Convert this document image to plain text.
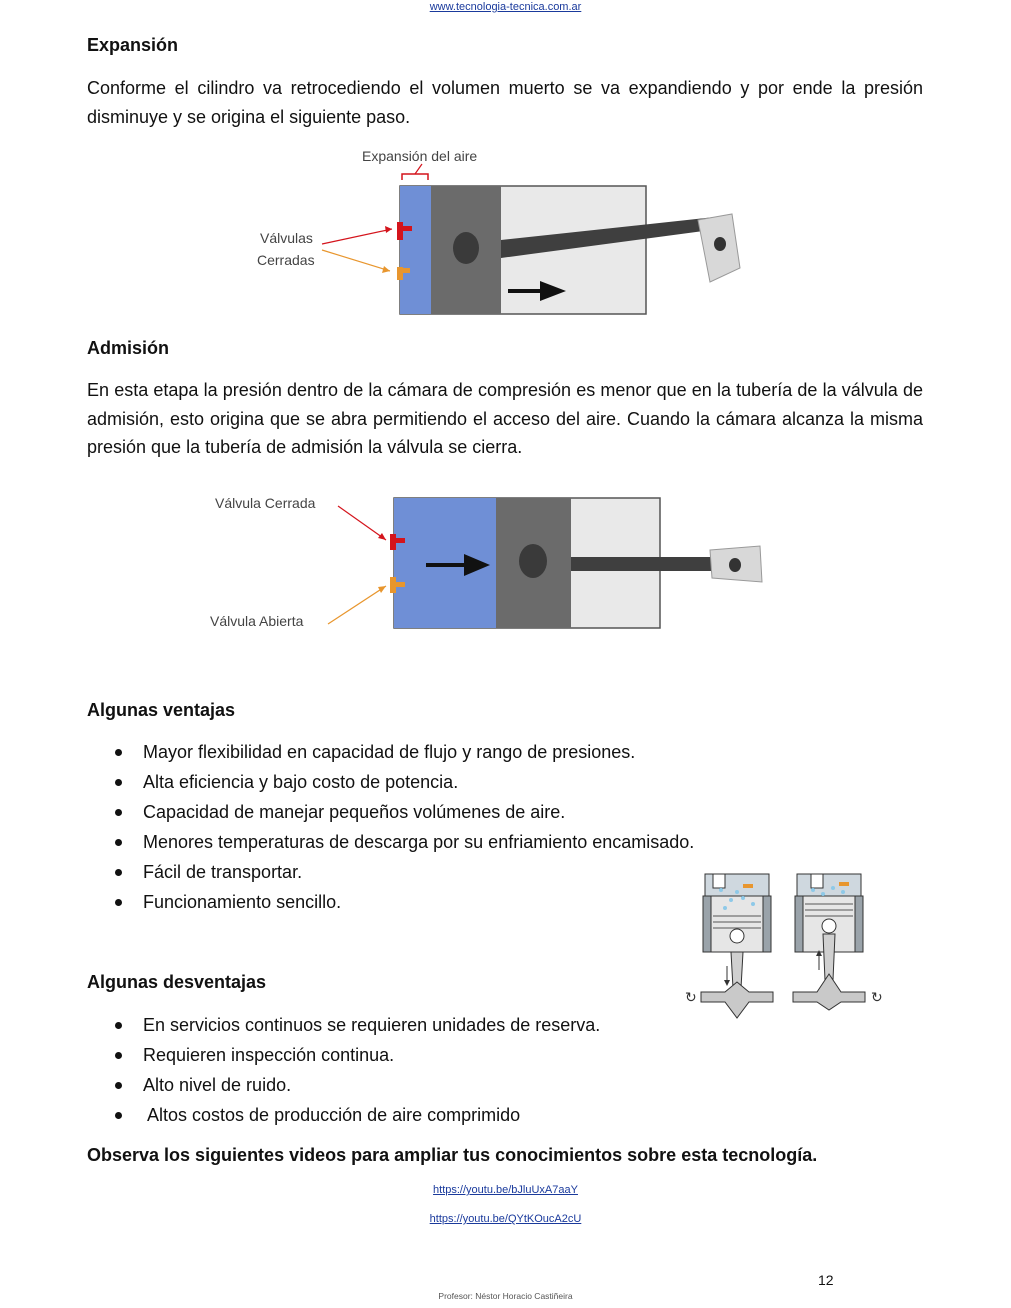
www.tecnologia-tecnica.com.ar
Expansión

Conforme el cilindro va retrocediendo el volumen muerto se va expandiendo y por ende la presión disminuye y se origina el siguiente paso.

Expansión del aire
Válvulas
Cerradas
Admisión

En esta etapa la presión dentro de la cámara de compresión es menor que en la tubería de la válvula de admisión, esto origina que se abra permitiendo el acceso del aire. Cuando la cámara alcanza la misma presión que la tubería de admisión la válvula se cierra.

Válvula Cerrada
Válvula Abierta
Algunas ventajas
Mayor flexibilidad en capacidad de flujo y rango de presiones.
Alta eficiencia y bajo costo de potencia.
Capacidad de manejar pequeños volúmenes de aire.
Menores temperaturas de descarga por su enfriamiento encamisado.
Fácil de transportar.
Funcionamiento sencillo.
↻	↻
Algunas desventajas
En servicios continuos se requieren unidades de reserva.
Requieren inspección continua.
Alto nivel de ruido.
Altos costos de producción de aire comprimido
Observa los siguientes videos para ampliar tus conocimientos sobre esta tecnología.
https://youtu.be/bJluUxA7aaY
https://youtu.be/QYtKOucA2cU
12
Profesor: Néstor Horacio Castiñeira
